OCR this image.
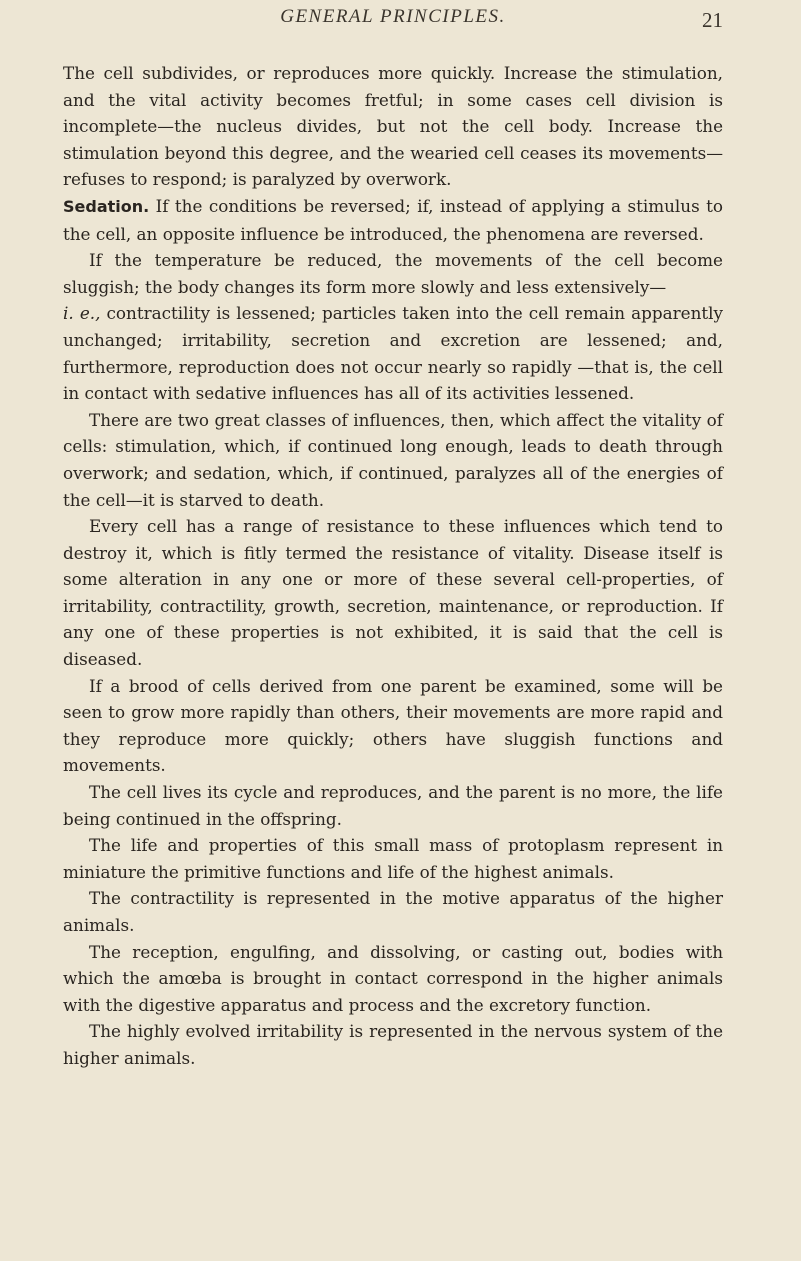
GENERAL PRINCIPLES.	21

The cell subdivides, or reproduces more quickly. Increase the stimulation, and the vital activity becomes fretful; in some cases cell division is incomplete—the nucleus divides, but not the cell body. Increase the stimulation beyond this degree, and the wearied cell ceases its movements—refuses to respond; is paralyzed by overwork.

Sedation. If the conditions be reversed; if, instead of applying a stimulus to the cell, an opposite influence be introduced, the phenomena are reversed.

If the temperature be reduced, the movements of the cell become sluggish; the body changes its form more slowly and less extensively—
i. e., contractility is lessened; particles taken into the cell remain apparently unchanged; irritability, secretion and excretion are lessened; and, furthermore, reproduction does not occur nearly so rapidly —that is, the cell in contact with sedative influences has all of its activities lessened.

There are two great classes of influences, then, which affect the vitality of cells: stimulation, which, if continued long enough, leads to death through overwork; and sedation, which, if continued, paralyzes all of the energies of the cell—it is starved to death.

Every cell has a range of resistance to these influences which tend to destroy it, which is fitly termed the resistance of vitality. Disease itself is some alteration in any one or more of these several cell-properties, of irritability, contractility, growth, secretion, maintenance, or reproduction. If any one of these properties is not exhibited, it is said that the cell is diseased.

If a brood of cells derived from one parent be examined, some will be seen to grow more rapidly than others, their movements are more rapid and they reproduce more quickly; others have sluggish functions and movements.

The cell lives its cycle and reproduces, and the parent is no more, the life being continued in the offspring.

The life and properties of this small mass of protoplasm represent in miniature the primitive functions and life of the highest animals.

The contractility is represented in the motive apparatus of the higher animals.

The reception, engulfing, and dissolving, or casting out, bodies with which the amœba is brought in contact correspond in the higher animals with the digestive apparatus and process and the excretory function.

The highly evolved irritability is represented in the nervous system of the higher animals.
